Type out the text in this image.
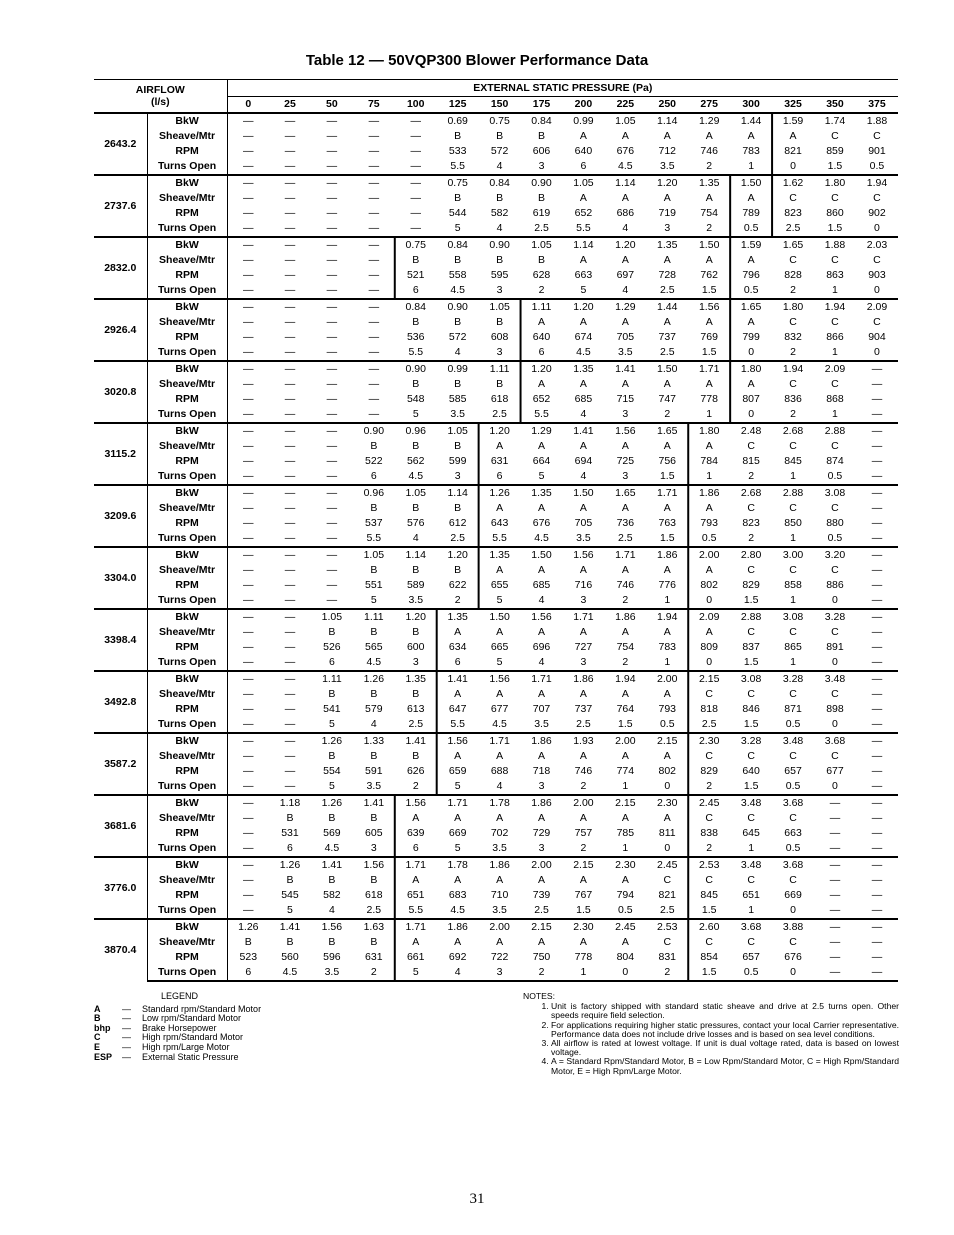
Table 12 — 50VQP300 Blower Performance Data
AIRFLOW
(l/s)		EXTERNAL STATIC PRESSURE (Pa)															
		0	25	50	75	100	125	150	175	200	225	250	275	300	325	350	375
2643.2	BkW	—	—	—	—	—	0.69	0.75	0.84	0.99	1.05	1.14	1.29	1.44	1.59	1.74	1.88
	Sheave/Mtr	—	—	—	—	—	B	B	B	A	A	A	A	A	A	C	C
	RPM	—	—	—	—	—	533	572	606	640	676	712	746	783	821	859	901
	Turns Open	—	—	—	—	—	5.5	4	3	6	4.5	3.5	2	1	0	1.5	0.5
2737.6	BkW	—	—	—	—	—	0.75	0.84	0.90	1.05	1.14	1.20	1.35	1.50	1.62	1.80	1.94
	Sheave/Mtr	—	—	—	—	—	B	B	B	A	A	A	A	A	C	C	C
	RPM	—	—	—	—	—	544	582	619	652	686	719	754	789	823	860	902
	Turns Open	—	—	—	—	—	5	4	2.5	5.5	4	3	2	0.5	2.5	1.5	0
2832.0	BkW	—	—	—	—	0.75	0.84	0.90	1.05	1.14	1.20	1.35	1.50	1.59	1.65	1.88	2.03
	Sheave/Mtr	—	—	—	—	B	B	B	B	A	A	A	A	A	C	C	C
	RPM	—	—	—	—	521	558	595	628	663	697	728	762	796	828	863	903
	Turns Open	—	—	—	—	6	4.5	3	2	5	4	2.5	1.5	0.5	2	1	0
2926.4	BkW	—	—	—	—	0.84	0.90	1.05	1.11	1.20	1.29	1.44	1.56	1.65	1.80	1.94	2.09
	Sheave/Mtr	—	—	—	—	B	B	B	A	A	A	A	A	A	C	C	C
	RPM	—	—	—	—	536	572	608	640	674	705	737	769	799	832	866	904
	Turns Open	—	—	—	—	5.5	4	3	6	4.5	3.5	2.5	1.5	0	2	1	0
3020.8	BkW	—	—	—	—	0.90	0.99	1.11	1.20	1.35	1.41	1.50	1.71	1.80	1.94	2.09	—
	Sheave/Mtr	—	—	—	—	B	B	B	A	A	A	A	A	A	C	C	—
	RPM	—	—	—	—	548	585	618	652	685	715	747	778	807	836	868	—
	Turns Open	—	—	—	—	5	3.5	2.5	5.5	4	3	2	1	0	2	1	—
3115.2	BkW	—	—	—	0.90	0.96	1.05	1.20	1.29	1.41	1.56	1.65	1.80	2.48	2.68	2.88	—
	Sheave/Mtr	—	—	—	B	B	B	A	A	A	A	A	A	C	C	C	—
	RPM	—	—	—	522	562	599	631	664	694	725	756	784	815	845	874	—
	Turns Open	—	—	—	6	4.5	3	6	5	4	3	1.5	1	2	1	0.5	—
3209.6	BkW	—	—	—	0.96	1.05	1.14	1.26	1.35	1.50	1.65	1.71	1.86	2.68	2.88	3.08	—
	Sheave/Mtr	—	—	—	B	B	B	A	A	A	A	A	A	C	C	C	—
	RPM	—	—	—	537	576	612	643	676	705	736	763	793	823	850	880	—
	Turns Open	—	—	—	5.5	4	2.5	5.5	4.5	3.5	2.5	1.5	0.5	2	1	0.5	—
3304.0	BkW	—	—	—	1.05	1.14	1.20	1.35	1.50	1.56	1.71	1.86	2.00	2.80	3.00	3.20	—
	Sheave/Mtr	—	—	—	B	B	B	A	A	A	A	A	A	C	C	C	—
	RPM	—	—	—	551	589	622	655	685	716	746	776	802	829	858	886	—
	Turns Open	—	—	—	5	3.5	2	5	4	3	2	1	0	1.5	1	0	—
3398.4	BkW	—	—	1.05	1.11	1.20	1.35	1.50	1.56	1.71	1.86	1.94	2.09	2.88	3.08	3.28	—
	Sheave/Mtr	—	—	B	B	B	A	A	A	A	A	A	A	C	C	C	—
	RPM	—	—	526	565	600	634	665	696	727	754	783	809	837	865	891	—
	Turns Open	—	—	6	4.5	3	6	5	4	3	2	1	0	1.5	1	0	—
3492.8	BkW	—	—	1.11	1.26	1.35	1.41	1.56	1.71	1.86	1.94	2.00	2.15	3.08	3.28	3.48	—
	Sheave/Mtr	—	—	B	B	B	A	A	A	A	A	A	C	C	C	C	—
	RPM	—	—	541	579	613	647	677	707	737	764	793	818	846	871	898	—
	Turns Open	—	—	5	4	2.5	5.5	4.5	3.5	2.5	1.5	0.5	2.5	1.5	0.5	0	—
3587.2	BkW	—	—	1.26	1.33	1.41	1.56	1.71	1.86	1.93	2.00	2.15	2.30	3.28	3.48	3.68	—
	Sheave/Mtr	—	—	B	B	B	A	A	A	A	A	A	C	C	C	C	—
	RPM	—	—	554	591	626	659	688	718	746	774	802	829	640	657	677	—
	Turns Open	—	—	5	3.5	2	5	4	3	2	1	0	2	1.5	0.5	0	—
3681.6	BkW	—	1.18	1.26	1.41	1.56	1.71	1.78	1.86	2.00	2.15	2.30	2.45	3.48	3.68	—	—
	Sheave/Mtr	—	B	B	B	A	A	A	A	A	A	A	C	C	C	—	—
	RPM	—	531	569	605	639	669	702	729	757	785	811	838	645	663	—	—
	Turns Open	—	6	4.5	3	6	5	3.5	3	2	1	0	2	1	0.5	—	—
3776.0	BkW	—	1.26	1.41	1.56	1.71	1.78	1.86	2.00	2.15	2.30	2.45	2.53	3.48	3.68	—	—
	Sheave/Mtr	—	B	B	B	A	A	A	A	A	A	C	C	C	C	—	—
	RPM	—	545	582	618	651	683	710	739	767	794	821	845	651	669	—	—
	Turns Open	—	5	4	2.5	5.5	4.5	3.5	2.5	1.5	0.5	2.5	1.5	1	0	—	—
3870.4	BkW	1.26	1.41	1.56	1.63	1.71	1.86	2.00	2.15	2.30	2.45	2.53	2.60	3.68	3.88	—	—
	Sheave/Mtr	B	B	B	B	A	A	A	A	A	A	C	C	C	C	—	—
	RPM	523	560	596	631	661	692	722	750	778	804	831	854	657	676	—	—
	Turns Open	6	4.5	3.5	2	5	4	3	2	1	0	2	1.5	0.5	0	—	—
LEGEND
A	—	Standard rpm/Standard Motor
B	—	Low rpm/Standard Motor
bhp	—	Brake Horsepower
C	—	High rpm/Standard Motor
E	—	High rpm/Large Motor
ESP	—	External Static Pressure
NOTES:
1. Unit is factory shipped with standard static sheave and drive at 2.5 turns open. Other speeds require field selection.
2. For applications requiring higher static pressures, contact your local Carrier representative. Performance data does not include drive losses and is based on sea level conditions.
3. All airflow is rated at lowest voltage. If unit is dual voltage rated, data is based on lowest voltage.
4. A = Standard Rpm/Standard Motor, B = Low Rpm/Standard Motor, C = High Rpm/Standard Motor, E = High Rpm/Large Motor.
31
